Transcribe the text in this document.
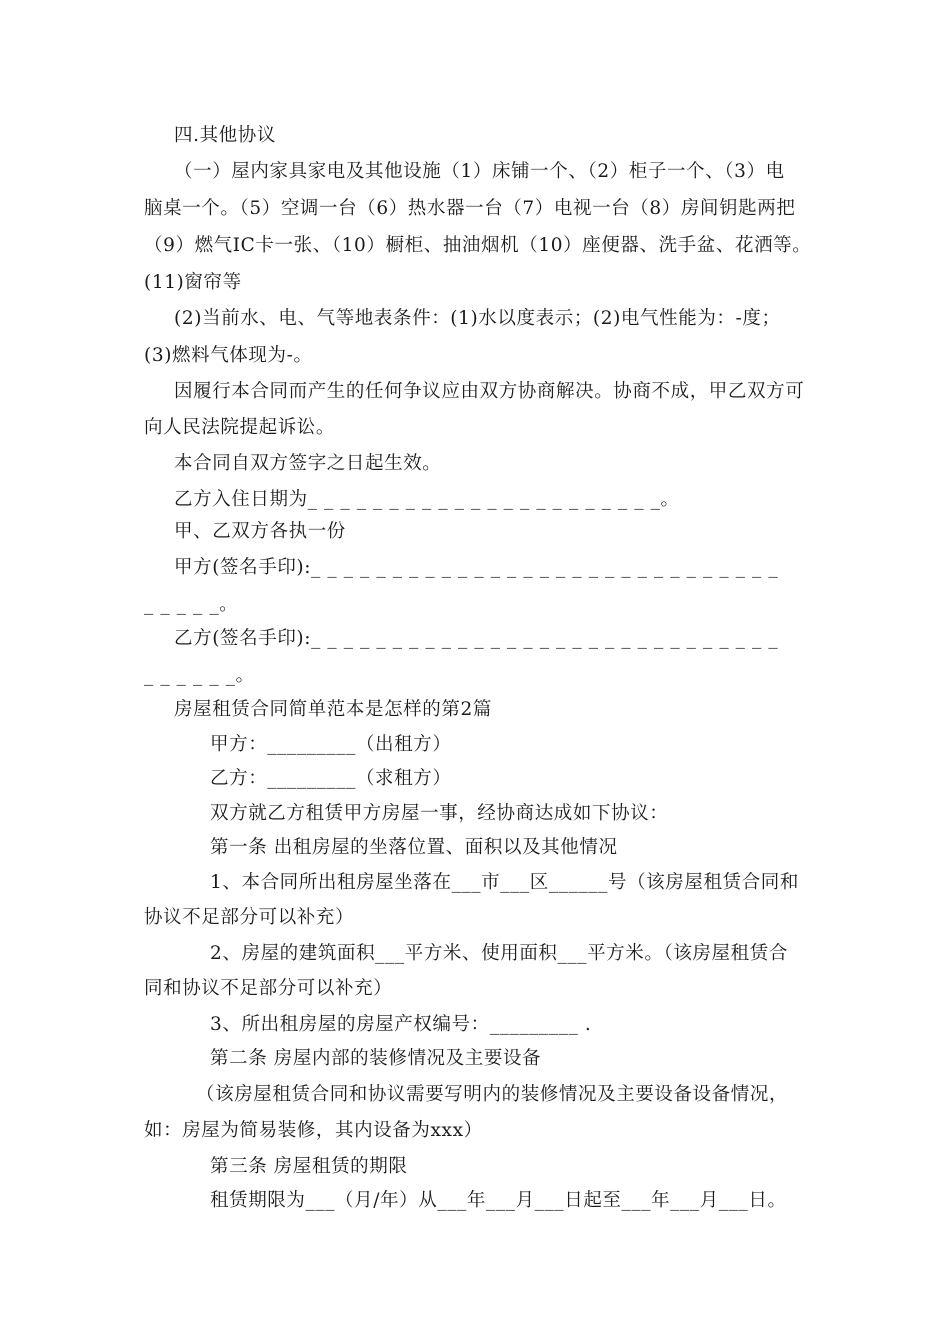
四.其他协议
（一）屋内家具家电及其他设施（1）床铺一个、（2）柜子一个、（3）电
脑桌一个。（5）空调一台（6）热水器一台（7）电视一台（8）房间钥匙两把
（9）燃气IC卡一张、（10）橱柜、抽油烟机（10）座便器、洗手盆、花洒等。
(11)窗帘等
(2)当前水、电、气等地表条件：(1)水以度表示；(2)电气性能为：-度；
(3)燃料气体现为-。
因履行本合同而产生的任何争议应由双方协商解决。协商不成，甲乙双方可
向人民法院提起诉讼。
本合同自双方签字之日起生效。
乙方入住日期为_ _ _ _ _ _ _ _ _ _ _ _ _ _ _ _ _ _ _ _ _ _。
甲、乙双方各执一份
甲方(签名手印):_ _ _ _ _ _ _ _ _ _ _ _ _ _ _ _ _ _ _ _ _ _ _ _ _ _ _ _ _
_ _ _ _ _。
乙方(签名手印):_ _ _ _ _ _ _ _ _ _ _ _ _ _ _ _ _ _ _ _ _ _ _ _ _ _ _ _ _
_ _ _ _ _ _。
房屋租赁合同简单范本是怎样的第2篇
甲方：_________（出租方）
乙方：_________（求租方）
双方就乙方租赁甲方房屋一事，经协商达成如下协议：
第一条 出租房屋的坐落位置、面积以及其他情况
1、本合同所出租房屋坐落在___市___区______号（该房屋租赁合同和
协议不足部分可以补充）
2、房屋的建筑面积___平方米、使用面积___平方米。（该房屋租赁合
同和协议不足部分可以补充）
3、所出租房屋的房屋产权编号：_________ .
第二条 房屋内部的装修情况及主要设备
（该房屋租赁合同和协议需要写明内的装修情况及主要设备设备情况，
如：房屋为简易装修，其内设备为xxx）
第三条 房屋租赁的期限
租赁期限为___（月/年）从___年___月___日起至___年___月___日。
